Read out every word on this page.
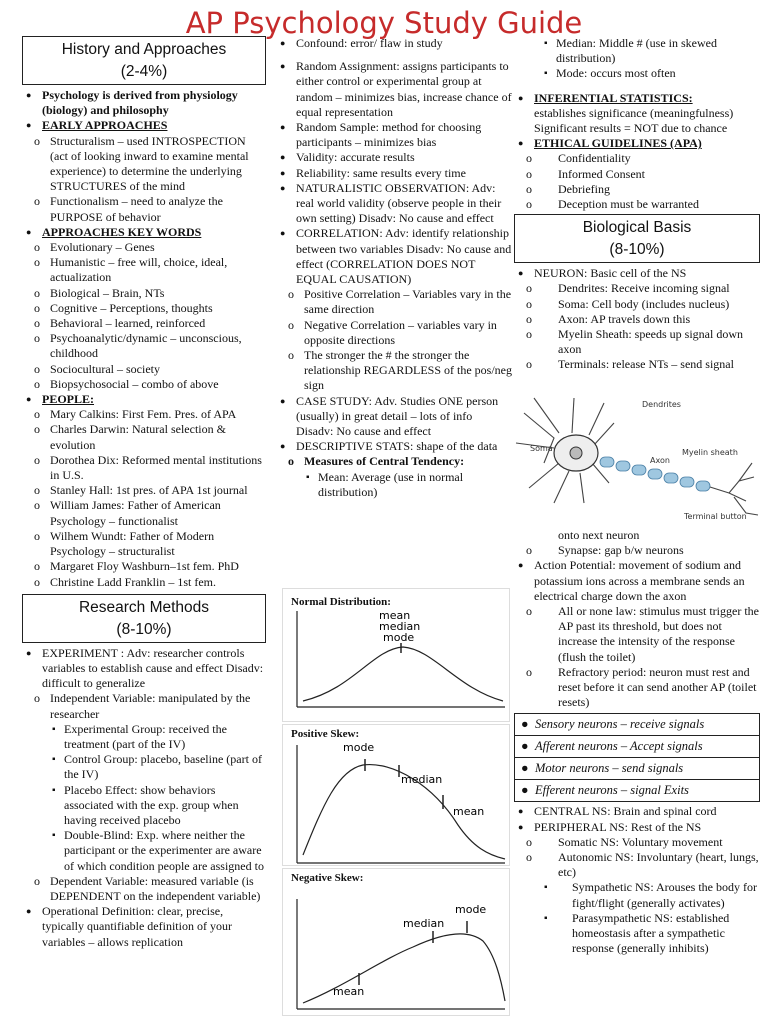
AP Psychology Study Guide
History and Approaches
(2-4%)
● Psychology is derived from physiology (biology) and philosophy
● EARLY APPROACHES
o Structuralism – used INTROSPECTION (act of looking inward to examine mental experience) to determine the underlying STRUCTURES of the mind
o Functionalism – need to analyze the PURPOSE of behavior
● APPROACHES KEY WORDS
o Evolutionary – Genes
o Humanistic – free will, choice, ideal, actualization
o Biological – Brain, NTs
o Cognitive – Perceptions, thoughts
o Behavioral – learned, reinforced
o Psychoanalytic/dynamic – unconscious, childhood
o Sociocultural – society
o Biopsychosocial – combo of above
● PEOPLE:
o Mary Calkins: First Fem. Pres. of APA
o Charles Darwin: Natural selection & evolution
o Dorothea Dix: Reformed mental institutions in U.S.
o Stanley Hall: 1st pres. of APA 1st journal
o William James: Father of American Psychology – functionalist
o Wilhem Wundt: Father of Modern Psychology – structuralist
o Margaret Floy Washburn–1st fem. PhD
o Christine Ladd Franklin – 1st fem.
Research Methods
(8-10%)
● EXPERIMENT : Adv: researcher controls variables to establish cause and effect Disadv: difficult to generalize
o Independent Variable: manipulated by the researcher
▪ Experimental Group: received the treatment (part of the IV)
▪ Control Group: placebo, baseline (part of the IV)
▪ Placebo Effect: show behaviors associated with the exp. group when having received placebo
▪ Double-Blind: Exp. where neither the participant or the experimenter are aware of which condition people are assigned to
o Dependent Variable: measured variable (is DEPENDENT on the independent variable)
● Operational Definition: clear, precise, typically quantifiable definition of your variables – allows replication
● Confound: error/ flaw in study
● Random Assignment: assigns participants to either control or experimental group at random – minimizes bias, increase chance of equal representation
● Random Sample: method for choosing participants – minimizes bias
● Validity: accurate results
● Reliability: same results every time
● NATURALISTIC OBSERVATION: Adv: real world validity (observe people in their own setting) Disadv: No cause and effect
● CORRELATION: Adv: identify relationship between two variables Disadv: No cause and effect (CORRELATION DOES NOT EQUAL CAUSATION)
o Positive Correlation – Variables vary in the same direction
o Negative Correlation – variables vary in opposite directions
o The stronger the # the stronger the relationship REGARDLESS of the pos/neg sign
● CASE STUDY: Adv. Studies ONE person (usually) in great detail – lots of info Disadv: No cause and effect
● DESCRIPTIVE STATS: shape of the data
o Measures of Central Tendency:
▪ Mean: Average (use in normal distribution)
Normal Distribution:
mean
median
mode
Positive Skew:
mode
median
mean
Negative Skew:
mean
median
mode
▪ Median: Middle # (use in skewed distribution)
▪ Mode: occurs most often
● INFERENTIAL STATISTICS:
establishes significance (meaningfulness) Significant results = NOT due to chance
● ETHICAL GUIDELINES (APA)
o Confidentiality
o Informed Consent
o Debriefing
o Deception must be warranted
Biological Basis
(8-10%)
● NEURON: Basic cell of the NS
o Dendrites: Receive incoming signal
o Soma: Cell body (includes nucleus)
o Axon: AP travels down this
o Myelin Sheath: speeds up signal down axon
o Terminals: release NTs – send signal
Dendrites
Soma
Axon
Myelin sheath
Terminal button
onto next neuron
o Synapse: gap b/w neurons
● Action Potential: movement of sodium and potassium ions across a membrane sends an electrical charge down the axon
o All or none law: stimulus must trigger the AP past its threshold, but does not increase the intensity of the response (flush the toilet)
o Refractory period: neuron must rest and reset before it can send another AP (toilet resets)
● Sensory neurons – receive signals
● Afferent neurons – Accept signals
● Motor neurons – send signals
● Efferent neurons – signal Exits
● CENTRAL NS: Brain and spinal cord
● PERIPHERAL NS: Rest of the NS
o Somatic NS: Voluntary movement
o Autonomic NS: Involuntary (heart, lungs, etc)
▪ Sympathetic NS: Arouses the body for fight/flight (generally activates)
▪ Parasympathetic NS: established homeostasis after a sympathetic response (generally inhibits)
